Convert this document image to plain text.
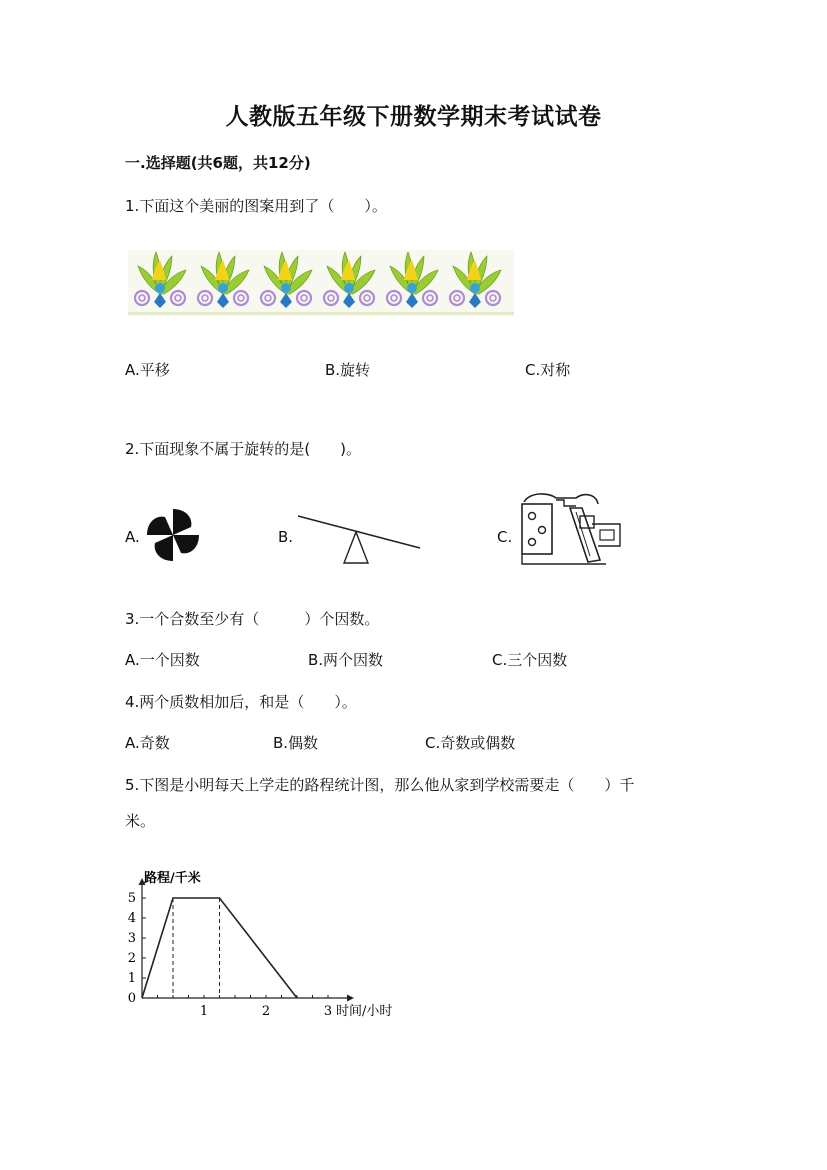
人教版五年级下册数学期末考试试卷
一.选择题(共6题，共12分)
1.下面这个美丽的图案用到了（　　）。
A.平移	B.旋转	C.对称
2.下面现象不属于旋转的是(　　)。
A.	B.	C.
3.一个合数至少有（　　　）个因数。
A.一个因数	B.两个因数	C.三个因数
4.两个质数相加后，和是（　　）。
A.奇数	B.偶数	C.奇数或偶数
5.下图是小明每天上学走的路程统计图，那么他从家到学校需要走（　　）千
米。
0
1
2
3
4
5
1	2	3
路程/千米
时间/小时
